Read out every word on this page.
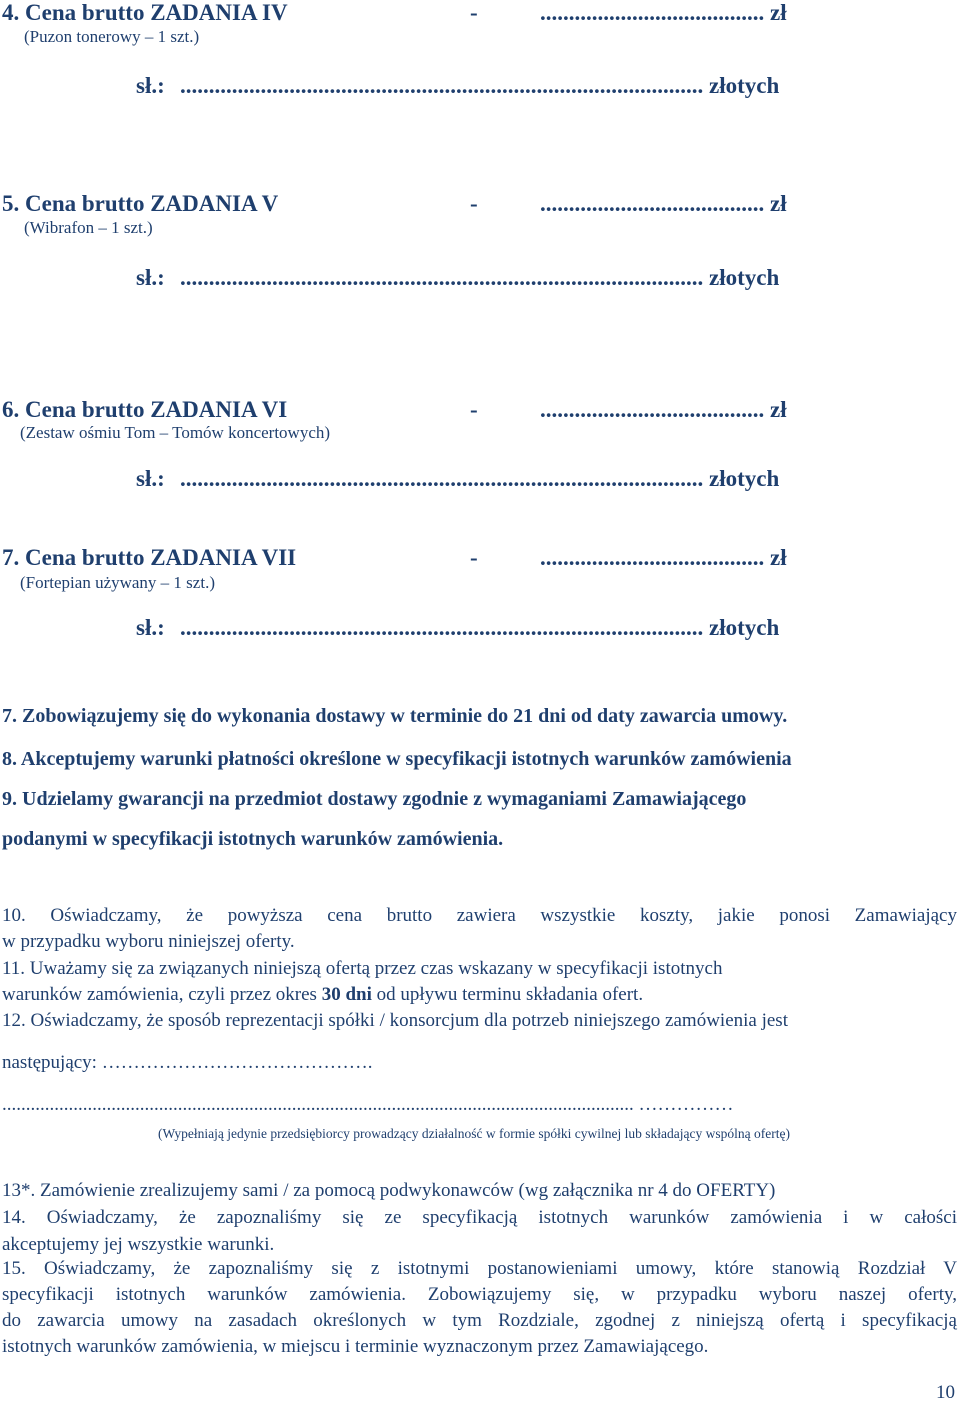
4. Cena brutto ZADANIA IV	-	....................................... zł
(Puzon tonerowy – 1 szt.)
sł.: ........................................................................................... złotych
5. Cena brutto ZADANIA V	-	....................................... zł
(Wibrafon – 1 szt.)
sł.: ........................................................................................... złotych
6. Cena brutto ZADANIA VI	-	....................................... zł
(Zestaw ośmiu Tom – Tomów koncertowych)
sł.: ........................................................................................... złotych
7. Cena brutto ZADANIA VII	-	....................................... zł
(Fortepian używany – 1 szt.)
sł.: ........................................................................................... złotych
7. Zobowiązujemy się do wykonania dostawy w terminie do 21 dni od daty zawarcia umowy.
8. Akceptujemy warunki płatności określone w specyfikacji istotnych warunków zamówienia
9. Udzielamy gwarancji na przedmiot dostawy zgodnie z wymaganiami Zamawiającego
podanymi w specyfikacji istotnych warunków zamówienia.
10. Oświadczamy, że powyższa cena brutto zawiera wszystkie koszty, jakie ponosi Zamawiający
w przypadku wyboru niniejszej oferty.
11. Uważamy się za związanych niniejszą ofertą przez czas wskazany w specyfikacji istotnych
warunków zamówienia, czyli przez okres 30 dni od upływu terminu składania ofert.
12. Oświadczamy, że sposób reprezentacji spółki / konsorcjum dla potrzeb niniejszego zamówienia jest
następujący: …………………………………….
..................................................................................................................................... ……………
(Wypełniają jedynie przedsiębiorcy prowadzący działalność w formie spółki cywilnej lub składający wspólną ofertę)
13*. Zamówienie zrealizujemy sami / za pomocą podwykonawców (wg załącznika nr 4 do OFERTY)
14. Oświadczamy, że zapoznaliśmy się ze specyfikacją istotnych warunków zamówienia i w całości
akceptujemy jej wszystkie warunki.
15. Oświadczamy, że zapoznaliśmy się z istotnymi postanowieniami umowy, które stanowią Rozdział V
specyfikacji istotnych warunków zamówienia. Zobowiązujemy się, w przypadku wyboru naszej oferty,
do zawarcia umowy na zasadach określonych w tym Rozdziale, zgodnej z niniejszą ofertą i specyfikacją
istotnych warunków zamówienia, w miejscu i terminie wyznaczonym przez Zamawiającego.
10
